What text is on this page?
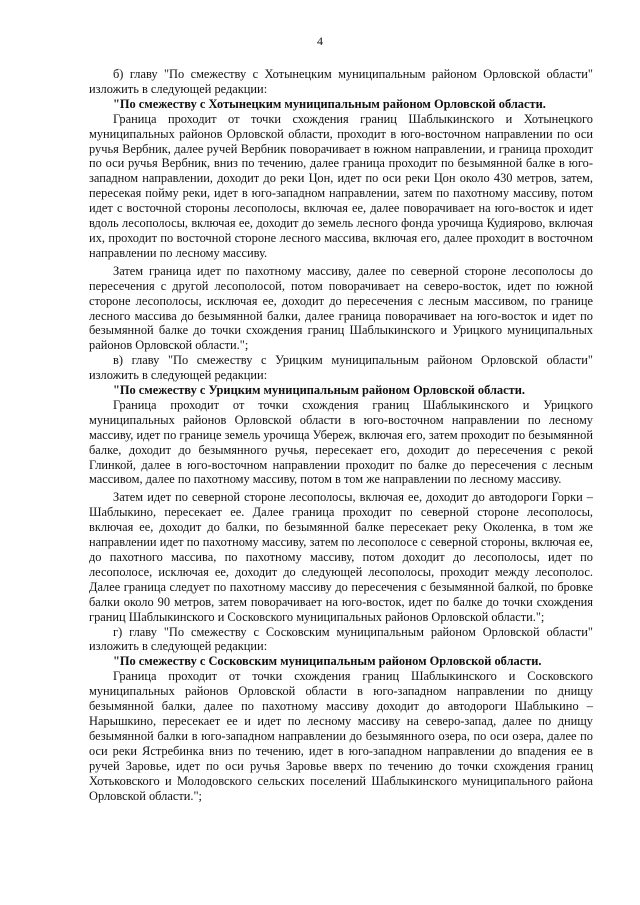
4

б) главу "По смежеству с Хотынецким муниципальным районом Орловской области" изложить в следующей редакции:

"По смежеству с Хотынецким муниципальным районом Орловской области.

Граница проходит от точки схождения границ Шаблыкинского и Хотынецкого муниципальных районов Орловской области, проходит в юго-восточном направлении по оси ручья Вербник, далее ручей Вербник поворачивает в южном направлении, и граница проходит по оси ручья Вербник, вниз по течению, далее граница проходит по безымянной балке в юго-западном направлении, доходит до реки Цон, идет по оси реки Цон около 430 метров, затем, пересекая пойму реки, идет в юго-западном направлении, затем по пахотному массиву, потом идет с восточной стороны лесополосы, включая ее, далее поворачивает на юго-восток и идет вдоль лесополосы, включая ее, доходит до земель лесного фонда урочища Кудиярово, включая их, проходит по восточной стороне лесного массива, включая его, далее проходит в восточном направлении по лесному массиву.

Затем граница идет по пахотному массиву, далее по северной стороне лесополосы до пересечения с другой лесополосой, потом поворачивает на северо-восток, идет по южной стороне лесополосы, исключая ее, доходит до пересечения с лесным массивом, по границе лесного массива до безымянной балки, далее граница поворачивает на юго-восток и идет по безымянной балке до точки схождения границ Шаблыкинского и Урицкого муниципальных районов Орловской области.";

в) главу "По смежеству с Урицким муниципальным районом Орловской области" изложить в следующей редакции:

"По смежеству с Урицким муниципальным районом Орловской области.

Граница проходит от точки схождения границ Шаблыкинского и Урицкого муниципальных районов Орловской области в юго-восточном направлении по лесному массиву, идет по границе земель урочища Убереж, включая его, затем проходит по безымянной балке, доходит до безымянного ручья, пересекает его, доходит до пересечения с рекой Глинкой, далее в юго-восточном направлении проходит по балке до пересечения с лесным массивом, далее по пахотному массиву, потом в том же направлении по лесному массиву.

Затем идет по северной стороне лесополосы, включая ее, доходит до автодороги Горки – Шаблыкино, пересекает ее. Далее граница проходит по северной стороне лесополосы, включая ее, доходит до балки, по безымянной балке пересекает реку Околенка, в том же направлении идет по пахотному массиву, затем по лесополосе с северной стороны, включая ее, до пахотного массива, по пахотному массиву, потом доходит до лесополосы, идет по лесополосе, исключая ее, доходит до следующей лесополосы, проходит между лесополос. Далее граница следует по пахотному массиву до пересечения с безымянной балкой, по бровке балки около 90 метров, затем поворачивает на юго-восток, идет по балке до точки схождения границ Шаблыкинского и Сосковского муниципальных районов Орловской области.";

г) главу "По смежеству с Сосковским муниципальным районом Орловской области" изложить в следующей редакции:

"По смежеству с Сосковским муниципальным районом Орловской области.

Граница проходит от точки схождения границ Шаблыкинского и Сосковского муниципальных районов Орловской области в юго-западном направлении по днищу безымянной балки, далее по пахотному массиву доходит до автодороги Шаблыкино – Нарышкино, пересекает ее и идет по лесному массиву на северо-запад, далее по днищу безымянной балки в юго-западном направлении до безымянного озера, по оси озера, далее по оси реки Ястребинка вниз по течению, идет в юго-западном направлении до впадения ее в ручей Заровье, идет по оси ручья Заровье вверх по течению до точки схождения границ Хотьковского и Молодовского сельских поселений Шаблыкинского муниципального района Орловской области.";
